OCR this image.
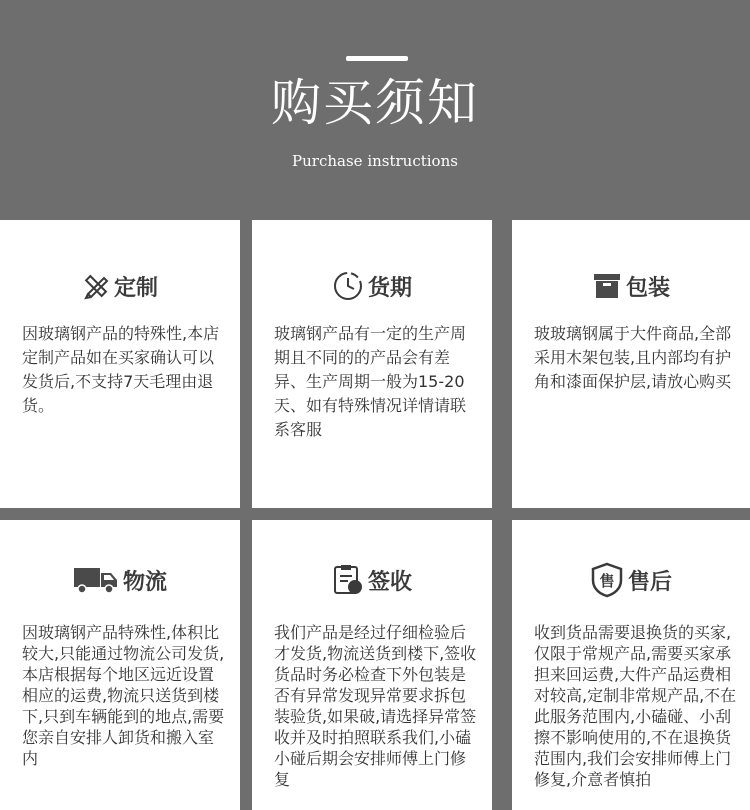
购买须知
Purchase instructions
定制
因玻璃钢产品的特殊性,本店定制产品如在买家确认可以发货后,不支持7天毛理由退货。
货期
玻璃钢产品有一定的生产周期且不同的的产品会有差异、生产周期一般为15-20天、如有特殊情况详情请联系客服
包装
玻玻璃钢属于大件商品,全部采用木架包装,且内部均有护角和漆面保护层,请放心购买
物流
因玻璃钢产品特殊性,体积比较大,只能通过物流公司发货,本店根据每个地区远近设置相应的运费,物流只送货到楼下,只到车辆能到的地点,需要您亲自安排人卸货和搬入室内
签收
我们产品是经过仔细检验后才发货,物流送货到楼下,签收货品时务必检查下外包装是否有异常发现异常要求拆包装验货,如果破,请选择异常签收并及时拍照联系我们,小磕小碰后期会安排师傅上门修复
售 售后
收到货品需要退换货的买家,仅限于常规产品,需要买家承担来回运费,大件产品运费相对较高,定制非常规产品,不在此服务范围内,小磕碰、小刮擦不影响使用的,不在退换货范围内,我们会安排师傅上门修复,介意者慎拍
